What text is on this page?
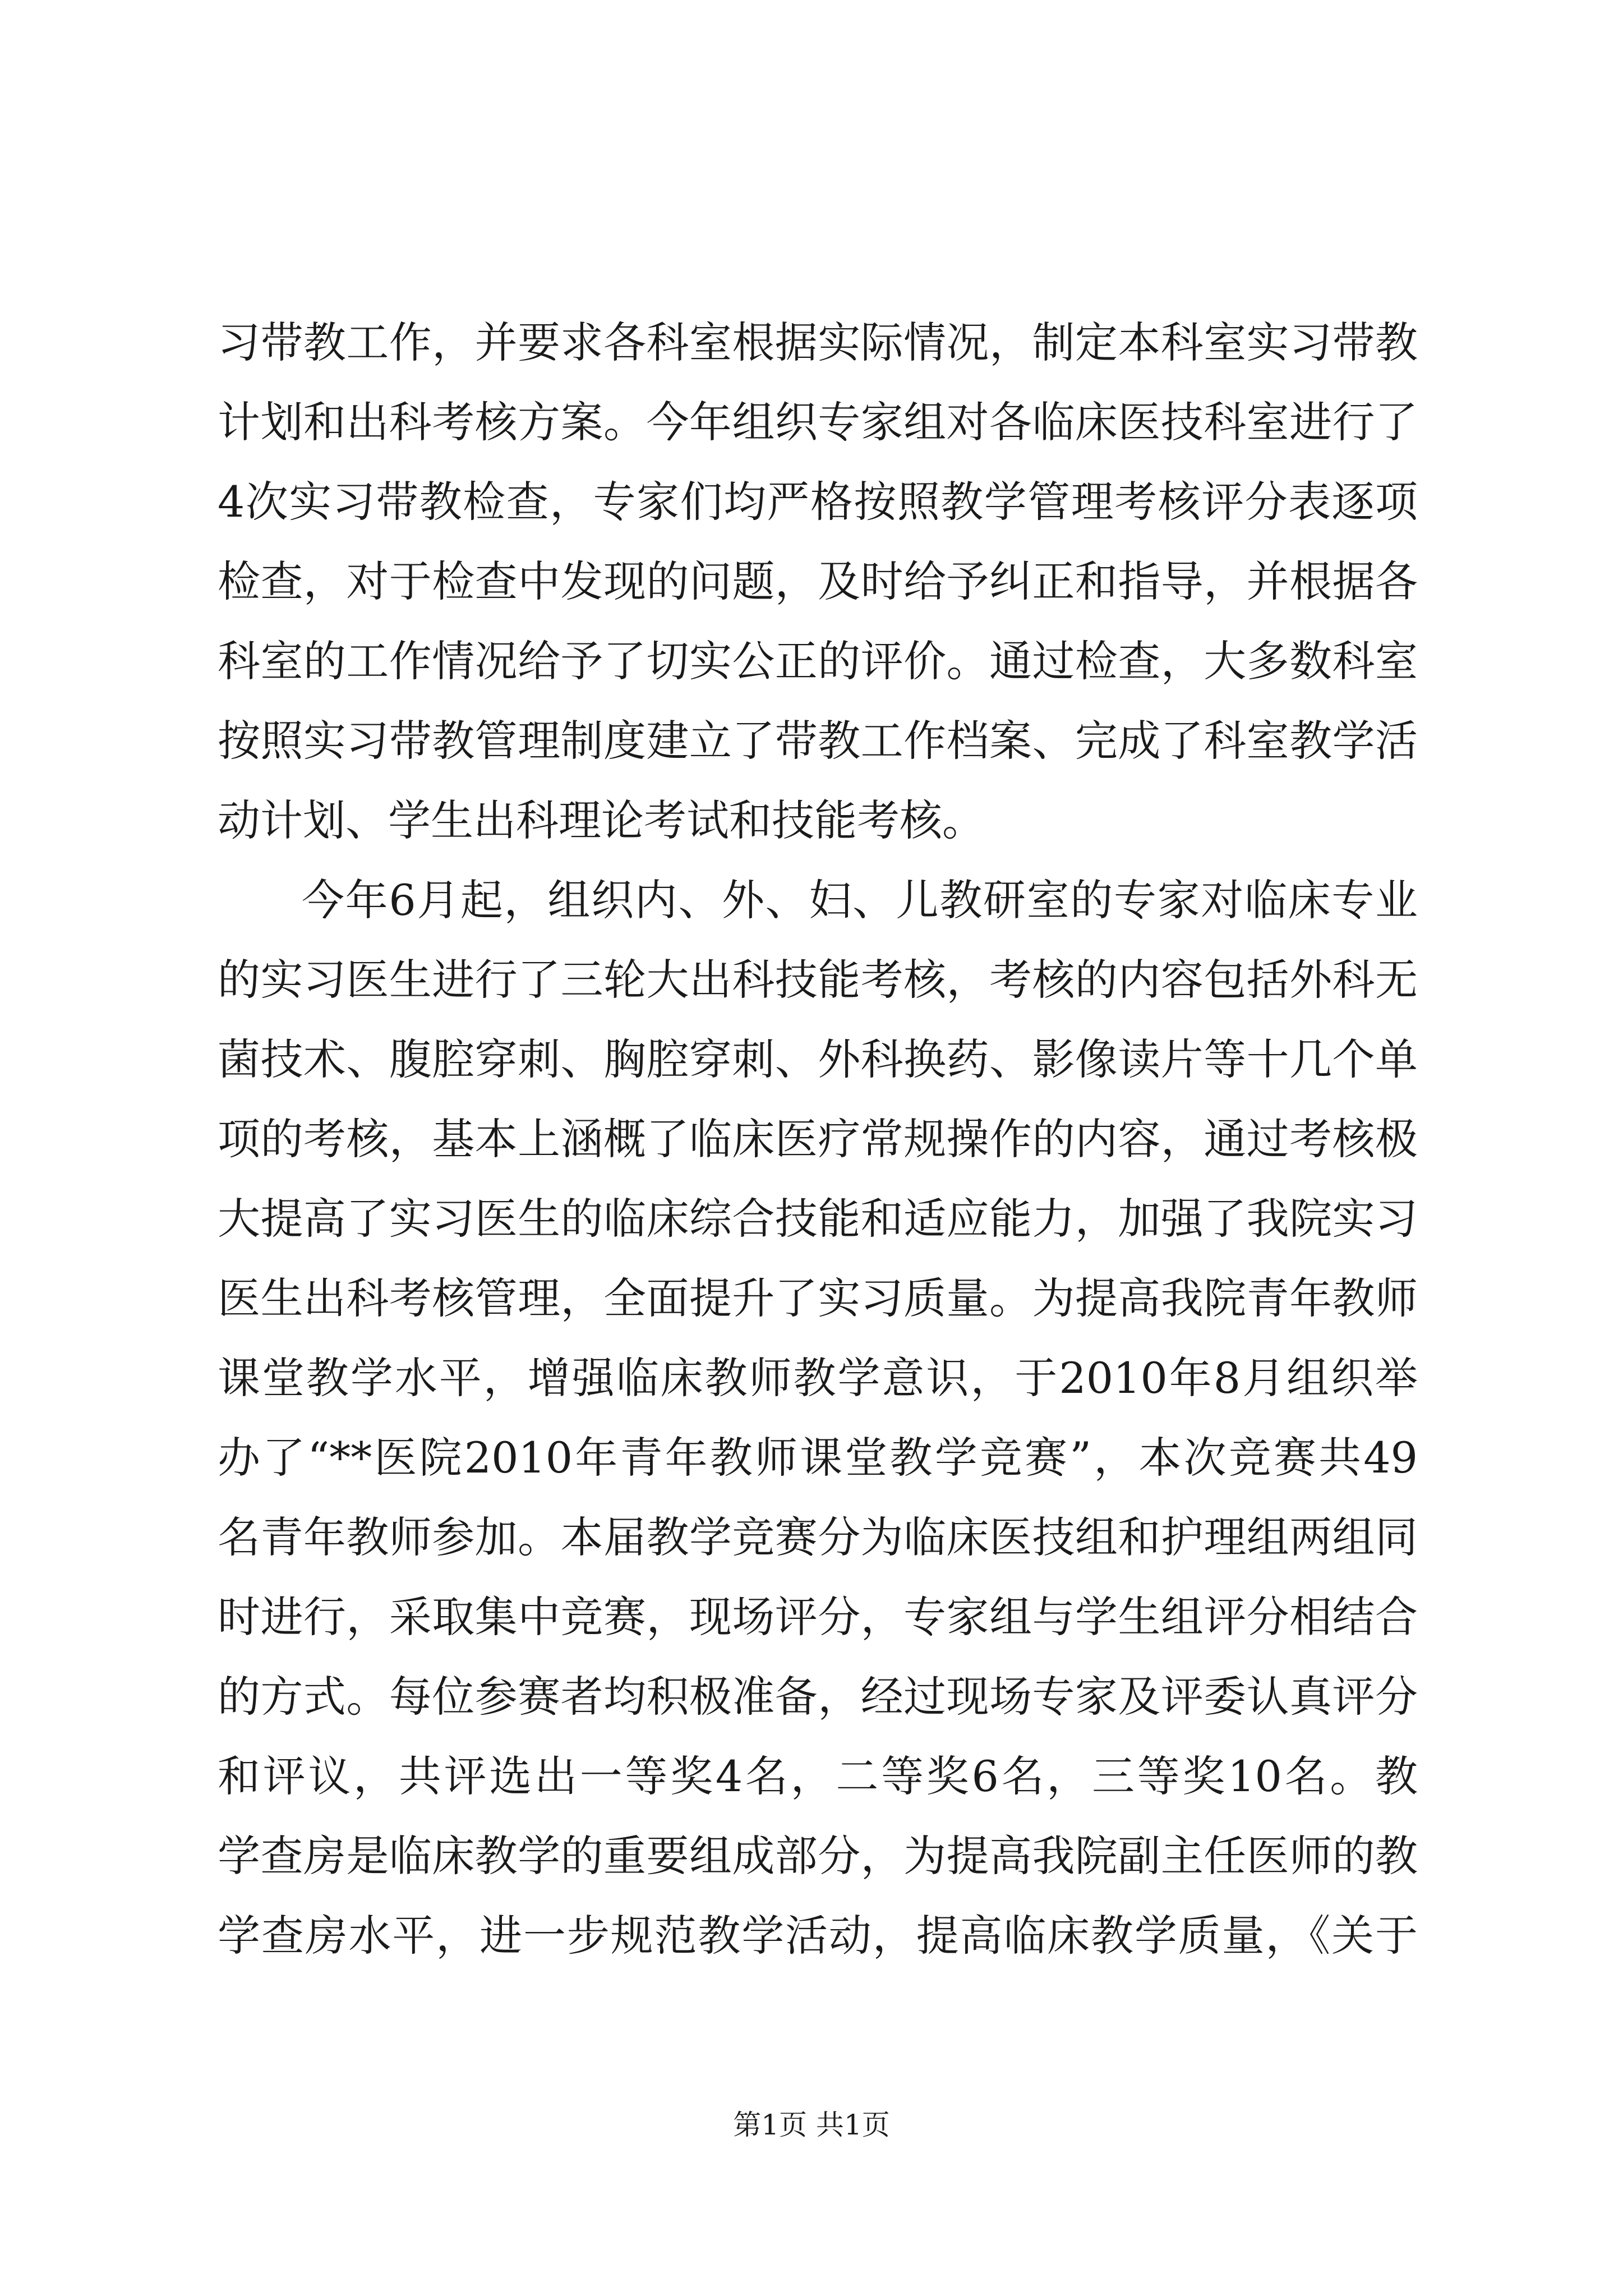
习带教工作，并要求各科室根据实际情况，制定本科室实习带教
计划和出科考核方案。今年组织专家组对各临床医技科室进行了
4次实习带教检查，专家们均严格按照教学管理考核评分表逐项
检查，对于检查中发现的问题，及时给予纠正和指导，并根据各
科室的工作情况给予了切实公正的评价。通过检查，大多数科室
按照实习带教管理制度建立了带教工作档案、完成了科室教学活
动计划、学生出科理论考试和技能考核。
今年6月起，组织内、外、妇、儿教研室的专家对临床专业
的实习医生进行了三轮大出科技能考核，考核的内容包括外科无
菌技术、腹腔穿刺、胸腔穿刺、外科换药、影像读片等十几个单
项的考核，基本上涵概了临床医疗常规操作的内容，通过考核极
大提高了实习医生的临床综合技能和适应能力，加强了我院实习
医生出科考核管理，全面提升了实习质量。为提高我院青年教师
课堂教学水平，增强临床教师教学意识，于2010年8月组织举
办了“**医院2010年青年教师课堂教学竞赛”，本次竞赛共49
名青年教师参加。本届教学竞赛分为临床医技组和护理组两组同
时进行，采取集中竞赛，现场评分，专家组与学生组评分相结合
的方式。每位参赛者均积极准备，经过现场专家及评委认真评分
和评议，共评选出一等奖4名，二等奖6名，三等奖10名。教
学查房是临床教学的重要组成部分，为提高我院副主任医师的教
学查房水平，进一步规范教学活动，提高临床教学质量，《关于
第1页 共1页
